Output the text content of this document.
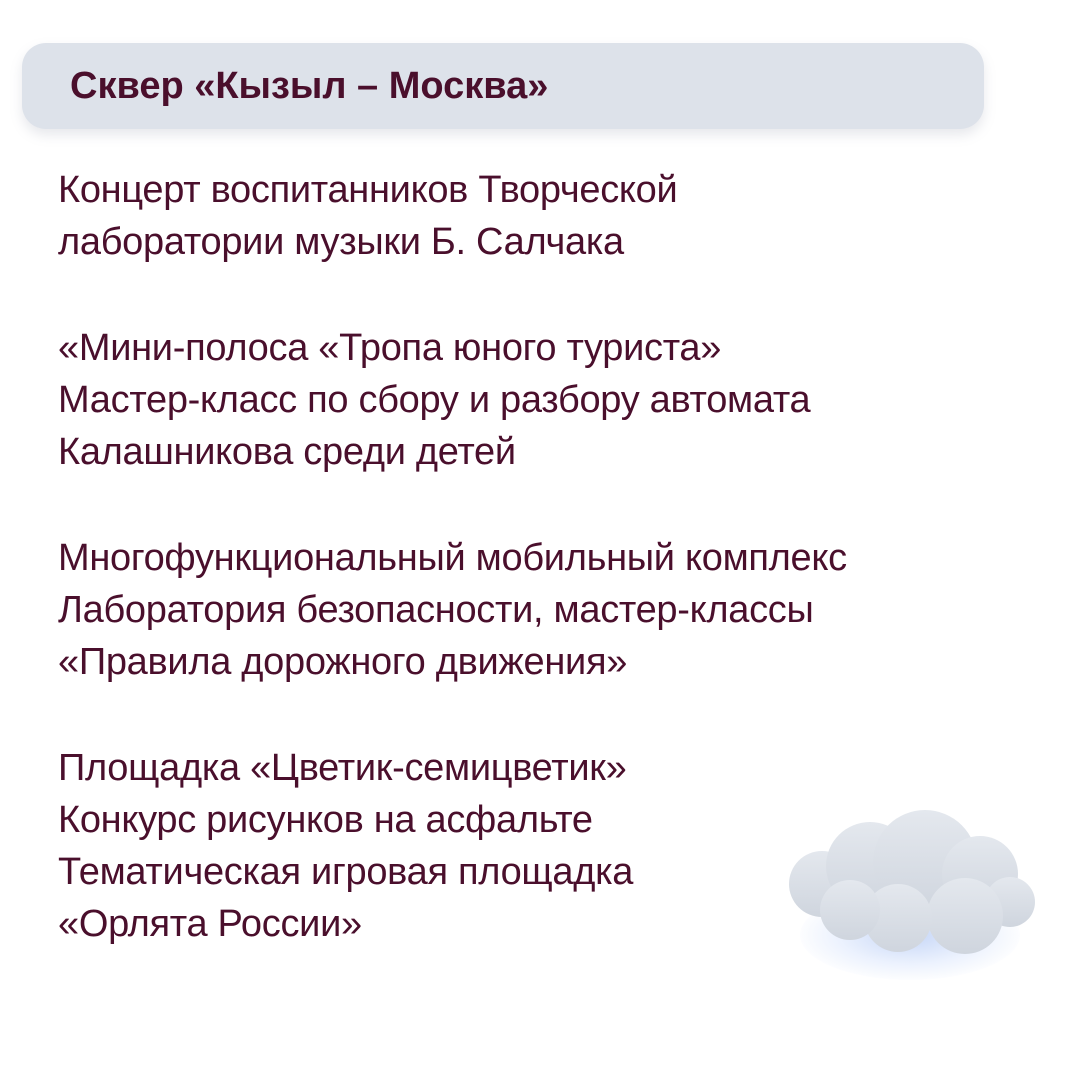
Сквер «Кызыл – Москва»
Концерт воспитанников Творческой
лаборатории музыки Б. Салчака
«Мини-полоса «Тропа юного туриста»
Мастер-класс по сбору и разбору автомата
Калашникова среди детей
Многофункциональный мобильный комплекс
Лаборатория безопасности, мастер-классы
«Правила дорожного движения»
Площадка «Цветик-семицветик»
Конкурс рисунков на асфальте
Тематическая игровая площадка
«Орлята России»
